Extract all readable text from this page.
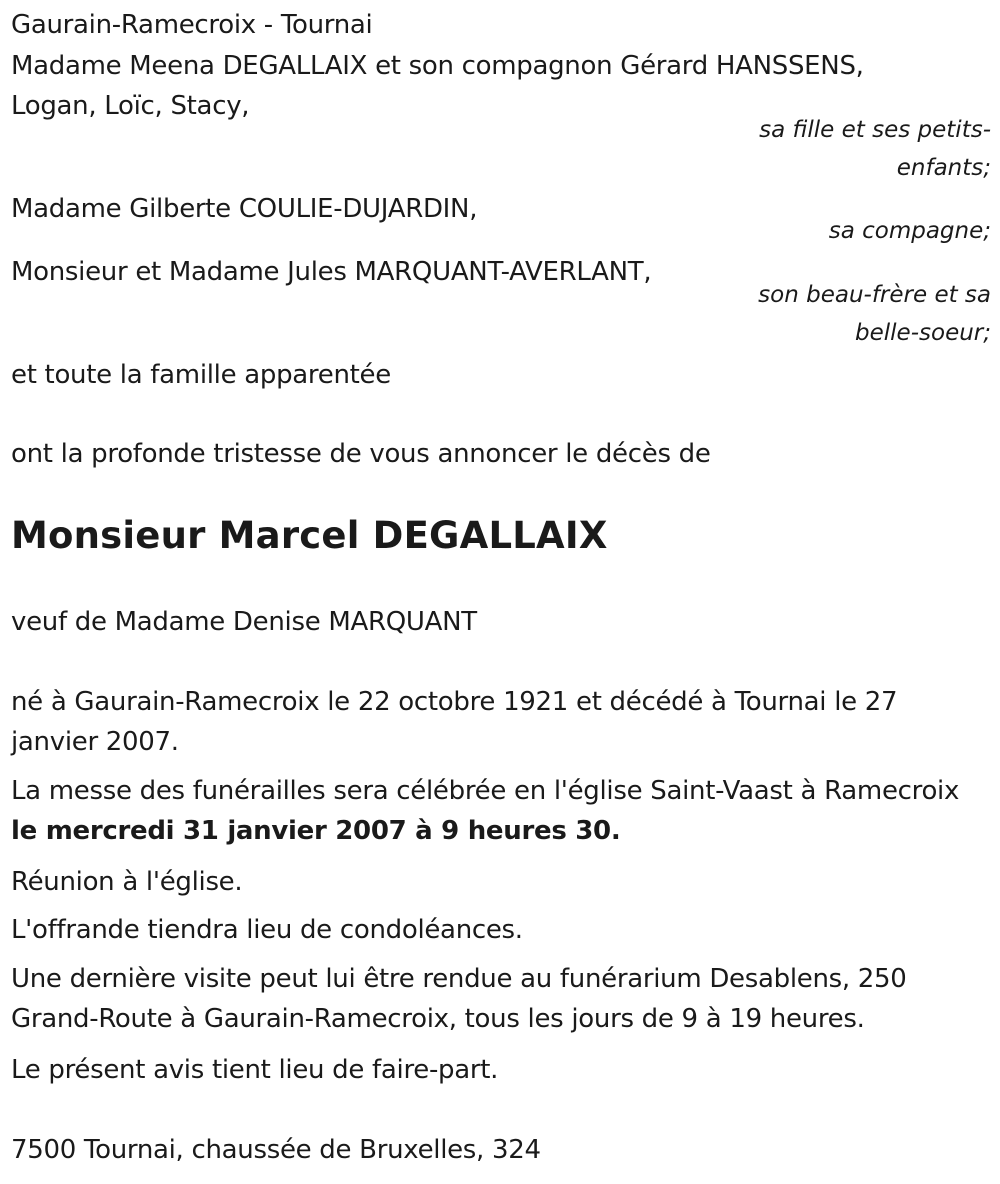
Gaurain-Ramecroix - Tournai
Madame Meena DEGALLAIX et son compagnon Gérard HANSSENS,
Logan, Loïc, Stacy,
sa fille et ses petits-enfants;
Madame Gilberte COULIE-DUJARDIN,
sa compagne;
Monsieur et Madame Jules MARQUANT-AVERLANT,
son beau-frère et sa belle-soeur;
et toute la famille apparentée
ont la profonde tristesse de vous annoncer le décès de
Monsieur Marcel DEGALLAIX
veuf de Madame Denise MARQUANT
né à Gaurain-Ramecroix le 22 octobre 1921 et décédé à Tournai le 27 janvier 2007.
La messe des funérailles sera célébrée en l'église Saint-Vaast à Ramecroix le mercredi 31 janvier 2007 à 9 heures 30.
Réunion à l'église.
L'offrande tiendra lieu de condoléances.
Une dernière visite peut lui être rendue au funérarium Desablens, 250 Grand-Route à Gaurain-Ramecroix, tous les jours de 9 à 19 heures.
Le présent avis tient lieu de faire-part.
7500 Tournai, chaussée de Bruxelles, 324
